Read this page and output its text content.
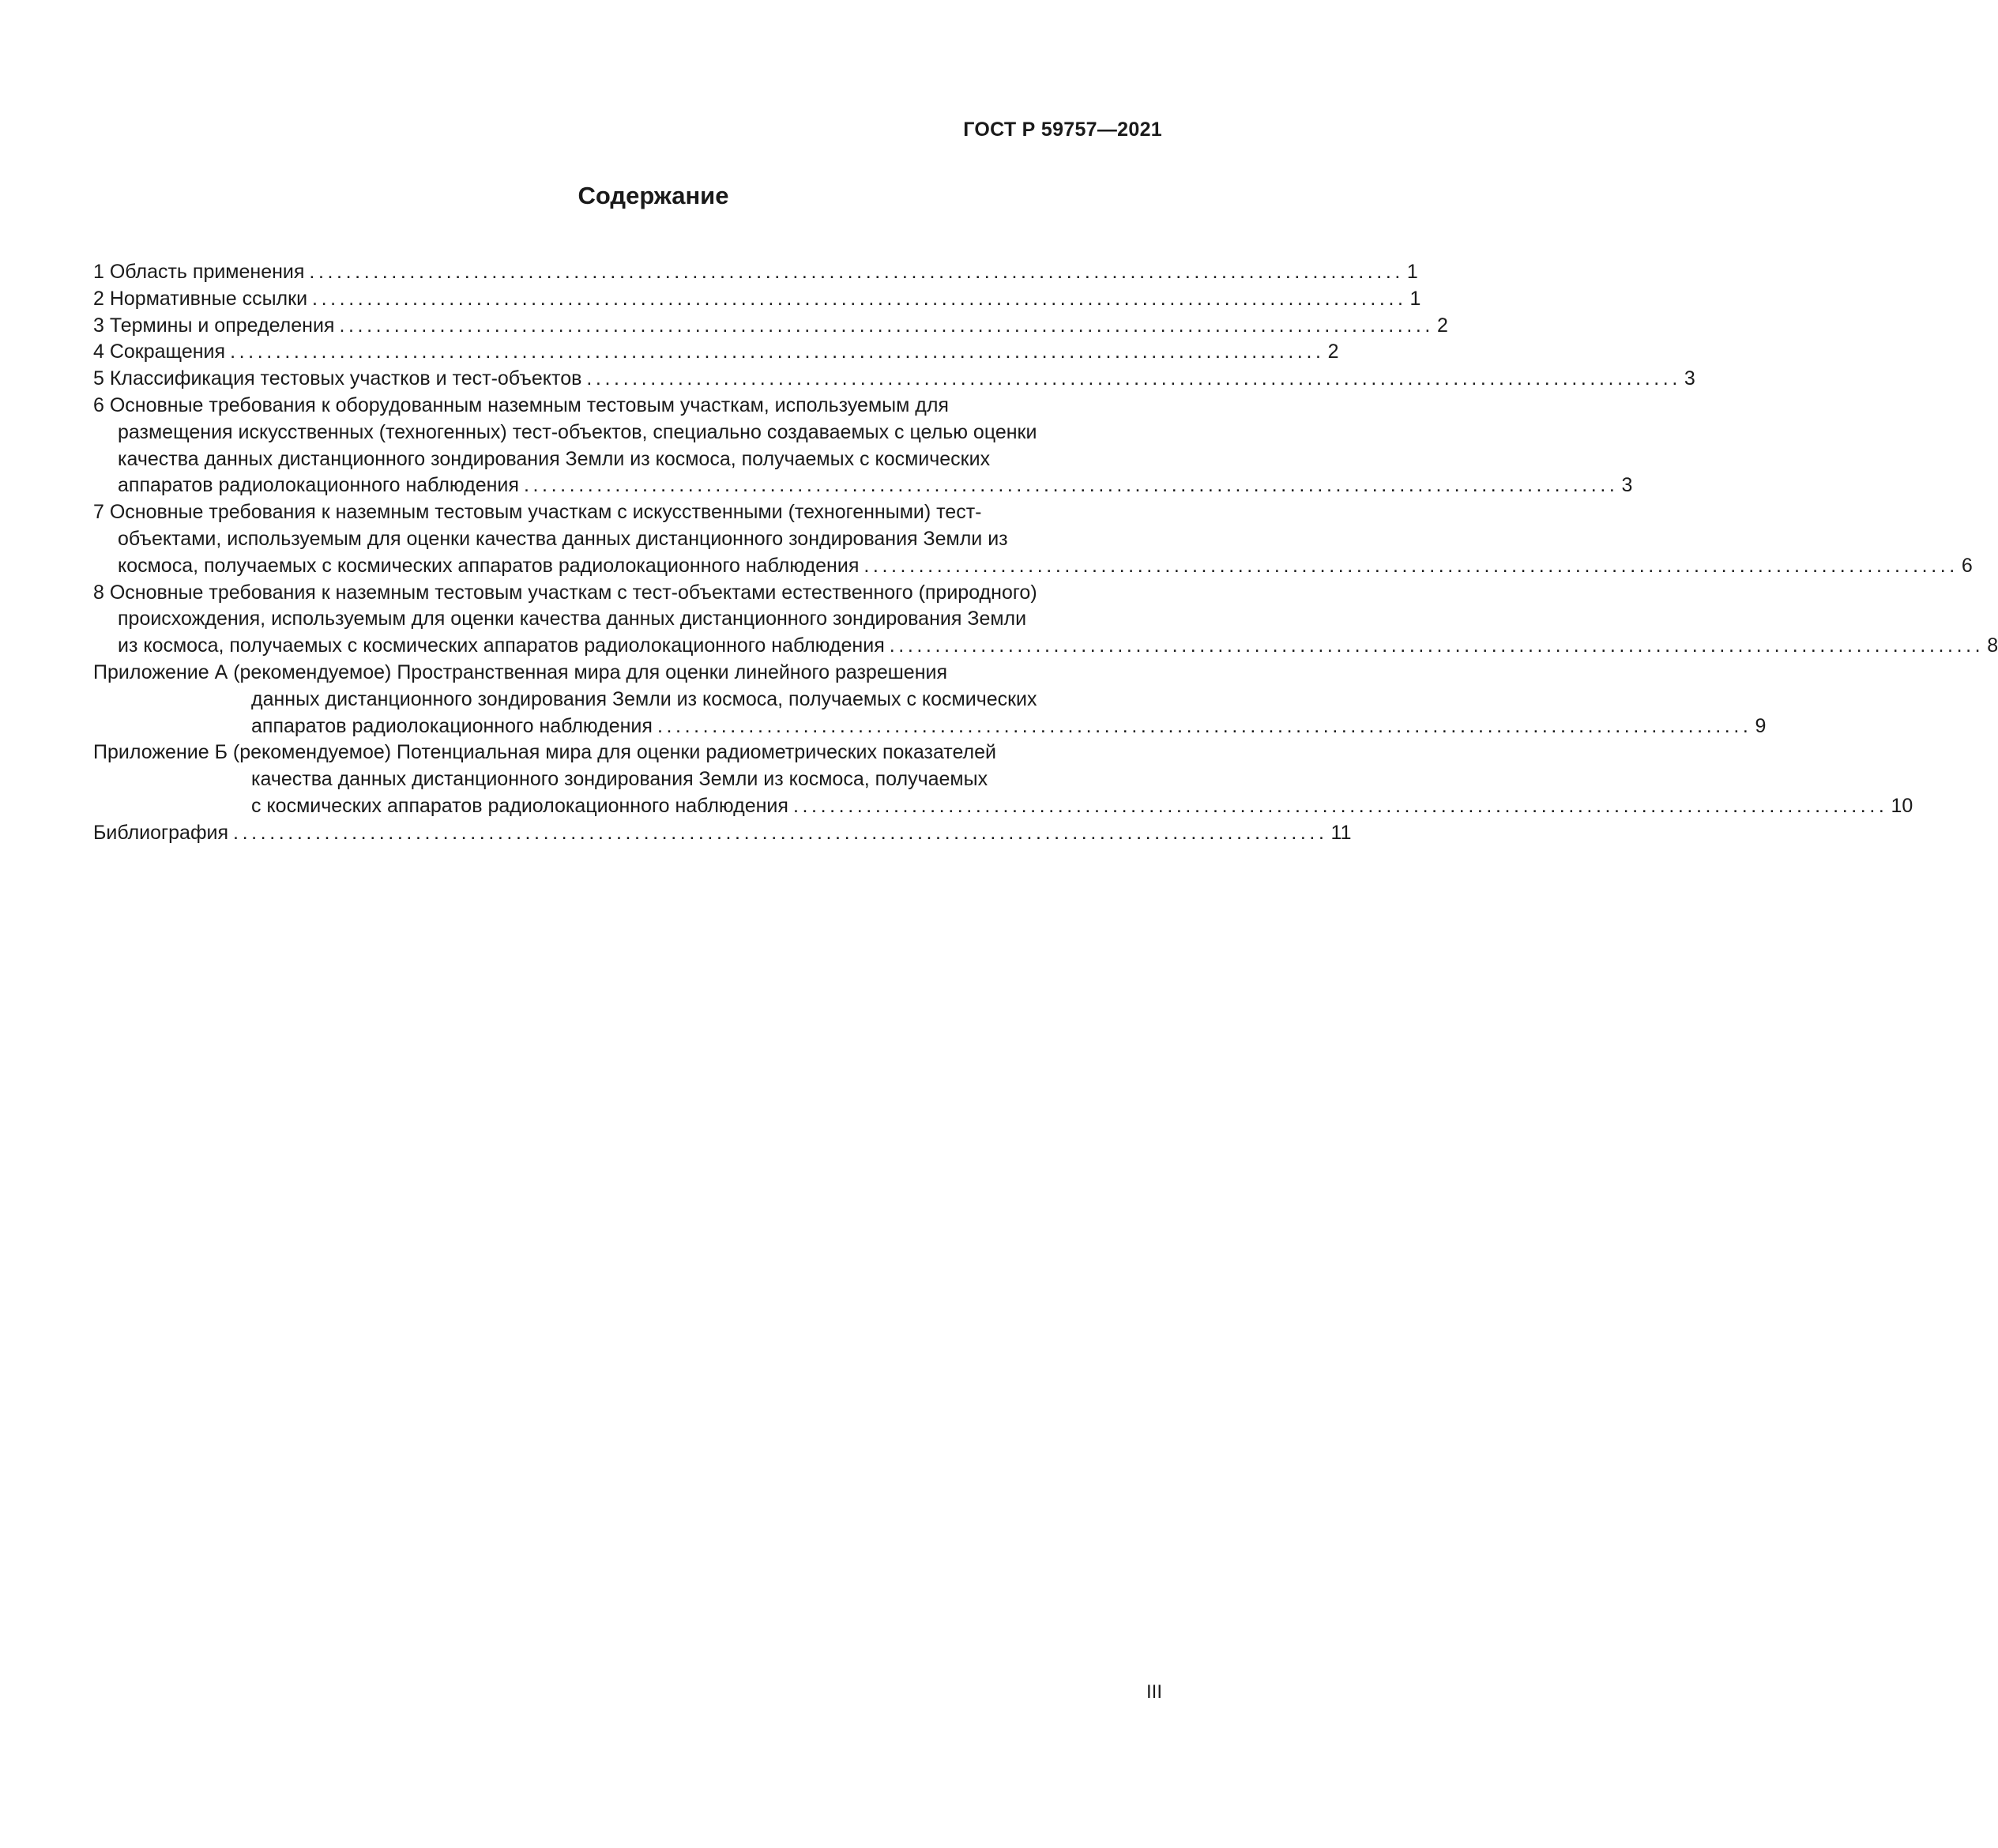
ГОСТ Р 59757—2021
Содержание
1 Область применения ........................................................................................................................ 1
2 Нормативные ссылки ........................................................................................................................ 1
3 Термины и определения ........................................................................................................................ 2
4 Сокращения ........................................................................................................................ 2
5 Классификация тестовых участков и тест-объектов ........................................................................................................................ 3
6 Основные требования к оборудованным наземным тестовым участкам, используемым для
размещения искусственных (техногенных) тест-объектов, специально создаваемых с целью оценки
качества данных дистанционного зондирования Земли из космоса, получаемых с космических
аппаратов радиолокационного наблюдения ........................................................................................................................ 3
7 Основные требования к наземным тестовым участкам с искусственными (техногенными) тест-
объектами, используемым для оценки качества данных дистанционного зондирования Земли из
космоса, получаемых с космических аппаратов радиолокационного наблюдения ........................................................................................................................ 6
8 Основные требования к наземным тестовым участкам с тест-объектами естественного (природного)
происхождения, используемым для оценки качества данных дистанционного зондирования Земли
из космоса, получаемых с космических аппаратов радиолокационного наблюдения ........................................................................................................................ 8
Приложение А (рекомендуемое) Пространственная мира для оценки линейного разрешения
данных дистанционного зондирования Земли из космоса, получаемых с космических
аппаратов радиолокационного наблюдения ........................................................................................................................ 9
Приложение Б (рекомендуемое) Потенциальная мира для оценки радиометрических показателей
качества данных дистанционного зондирования Земли из космоса, получаемых
с космических аппаратов радиолокационного наблюдения ........................................................................................................................ 10
Библиография ........................................................................................................................ 11
III
